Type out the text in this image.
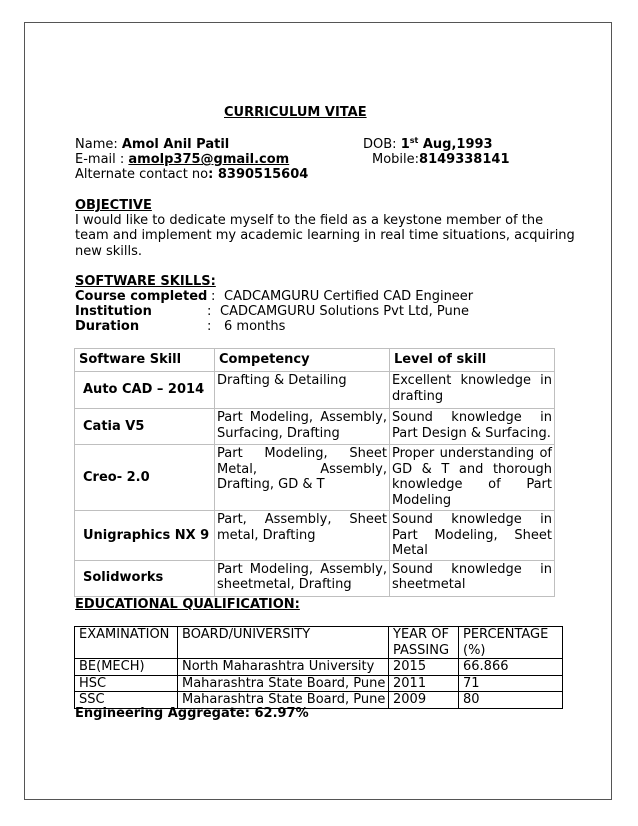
CURRICULUM VITAE
Name: Amol Anil Patil	DOB: 1st Aug,1993
E-mail : amolp375@gmail.com	Mobile:8149338141
Alternate contact no: 8390515604
OBJECTIVE
I would like to dedicate myself to the field as a keystone member of the
team and implement my academic learning in real time situations, acquiring
new skills.
SOFTWARE SKILLS:
Course completed : CADCAMGURU Certified CAD Engineer
Institution	: CADCAMGURU Solutions Pvt Ltd, Pune
Duration	: 6 months
Software Skill	Competency	Level of skill
Auto CAD – 2014	Drafting & Detailing	Excellent knowledge in drafting
Catia V5	Part Modeling, Assembly, Surfacing, Drafting	Sound knowledge in Part Design & Surfacing.
Creo- 2.0	Part Modeling, Sheet Metal, Assembly, Drafting, GD & T	Proper understanding of GD & T and thorough knowledge of Part Modeling
Unigraphics NX 9	Part, Assembly, Sheet metal, Drafting	Sound knowledge in Part Modeling, Sheet Metal
Solidworks	Part Modeling, Assembly, sheetmetal, Drafting	Sound knowledge in sheetmetal
EDUCATIONAL QUALIFICATION:
EXAMINATION	BOARD/UNIVERSITY	YEAR OF PASSING	PERCENTAGE (%)
BE(MECH)	North Maharashtra University	2015	66.866
HSC	Maharashtra State Board, Pune	2011	71
SSC	Maharashtra State Board, Pune	2009	80
Engineering Aggregate: 62.97%
